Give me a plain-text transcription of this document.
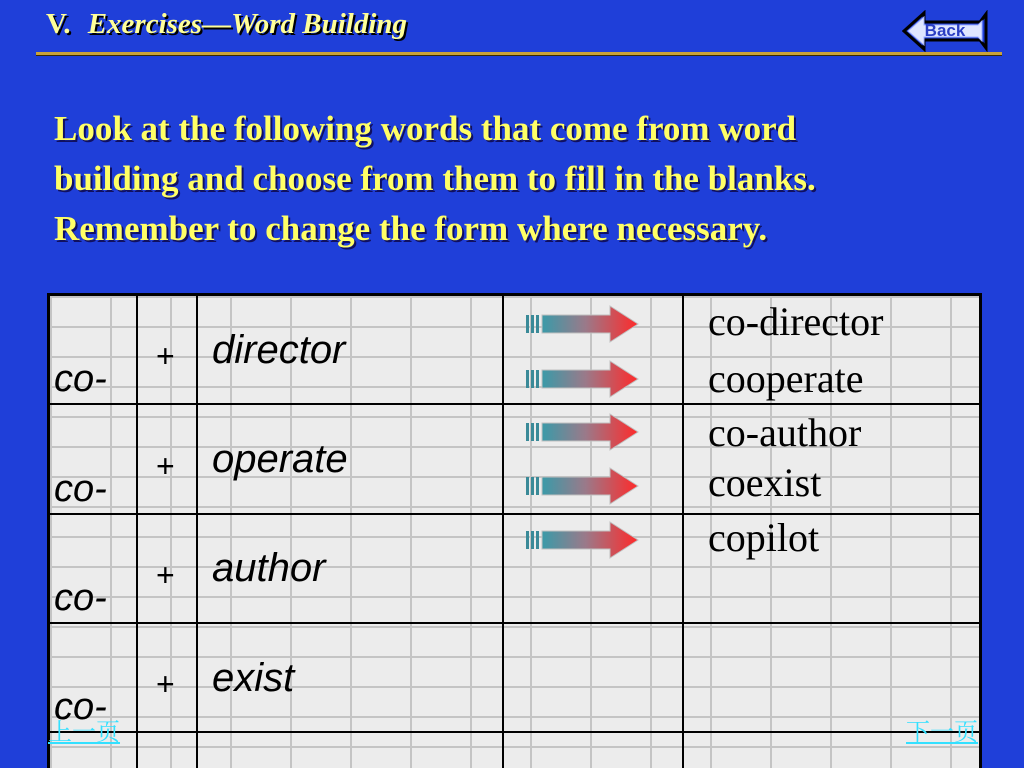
V. Exercises—Word Building	Back
Look at the following words that come from word
building and choose from them to fill in the blanks.
Remember to change the form where necessary.
co-
+ director
co-
+ operate
co-
+ author
co-
+ exist
co-director
cooperate
co-author
coexist
copilot
上一页	下一页
